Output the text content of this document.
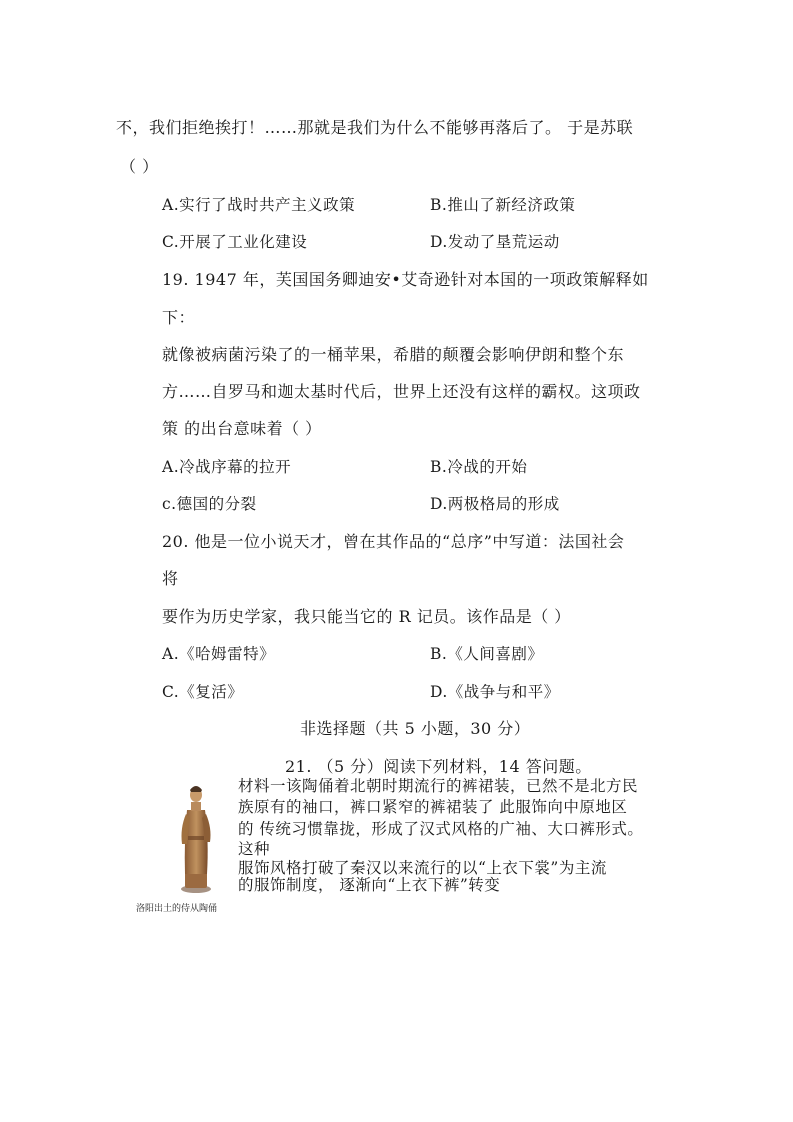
不，我们拒绝挨打！……那就是我们为什么不能够再落后了。 于是苏联
（ ）
A.实行了战时共产主义政策	B.推山了新经济政策
C.开展了工业化建设	D.发动了垦荒运动
19. 1947 年，芙国国务卿迪安•艾奇逊针对本国的一项政策解释如
下：
就像被病菌污染了的一桶苹果，希腊的颠覆会影响伊朗和整个东
方……自罗马和迦太基时代后，世界上还没有这样的霸权。这项政
策 的出台意味着（ ）
A.冷战序幕的拉开	B.冷战的开始
c.德国的分裂	D.两极格局的形成
20. 他是一位小说天才，曾在其作品的“总序”中写道：法国社会
将
要作为历史学家，我只能当它的 R 记员。该作品是（ ）
A.《哈姆雷特》	B.《人间喜剧》
C.《复活》	D.《战争与和平》
非选择题（共 5 小题，30 分）
21. （5 分）阅读下列材料，14 答问题。
洛阳出土的侍从陶俑
材料一该陶俑着北朝时期流行的裤裙装，已然不是北方民
族原有的袖口，裤口紧窄的裤裙装了 此服饰向中原地区
的 传统习惯靠拢，形成了汉式风格的广袖、大口裤形式。
这种
服饰风格打破了秦汉以来流行的以“上衣下裳”为主流
的服饰制度， 逐渐向“上衣下裤”转变
